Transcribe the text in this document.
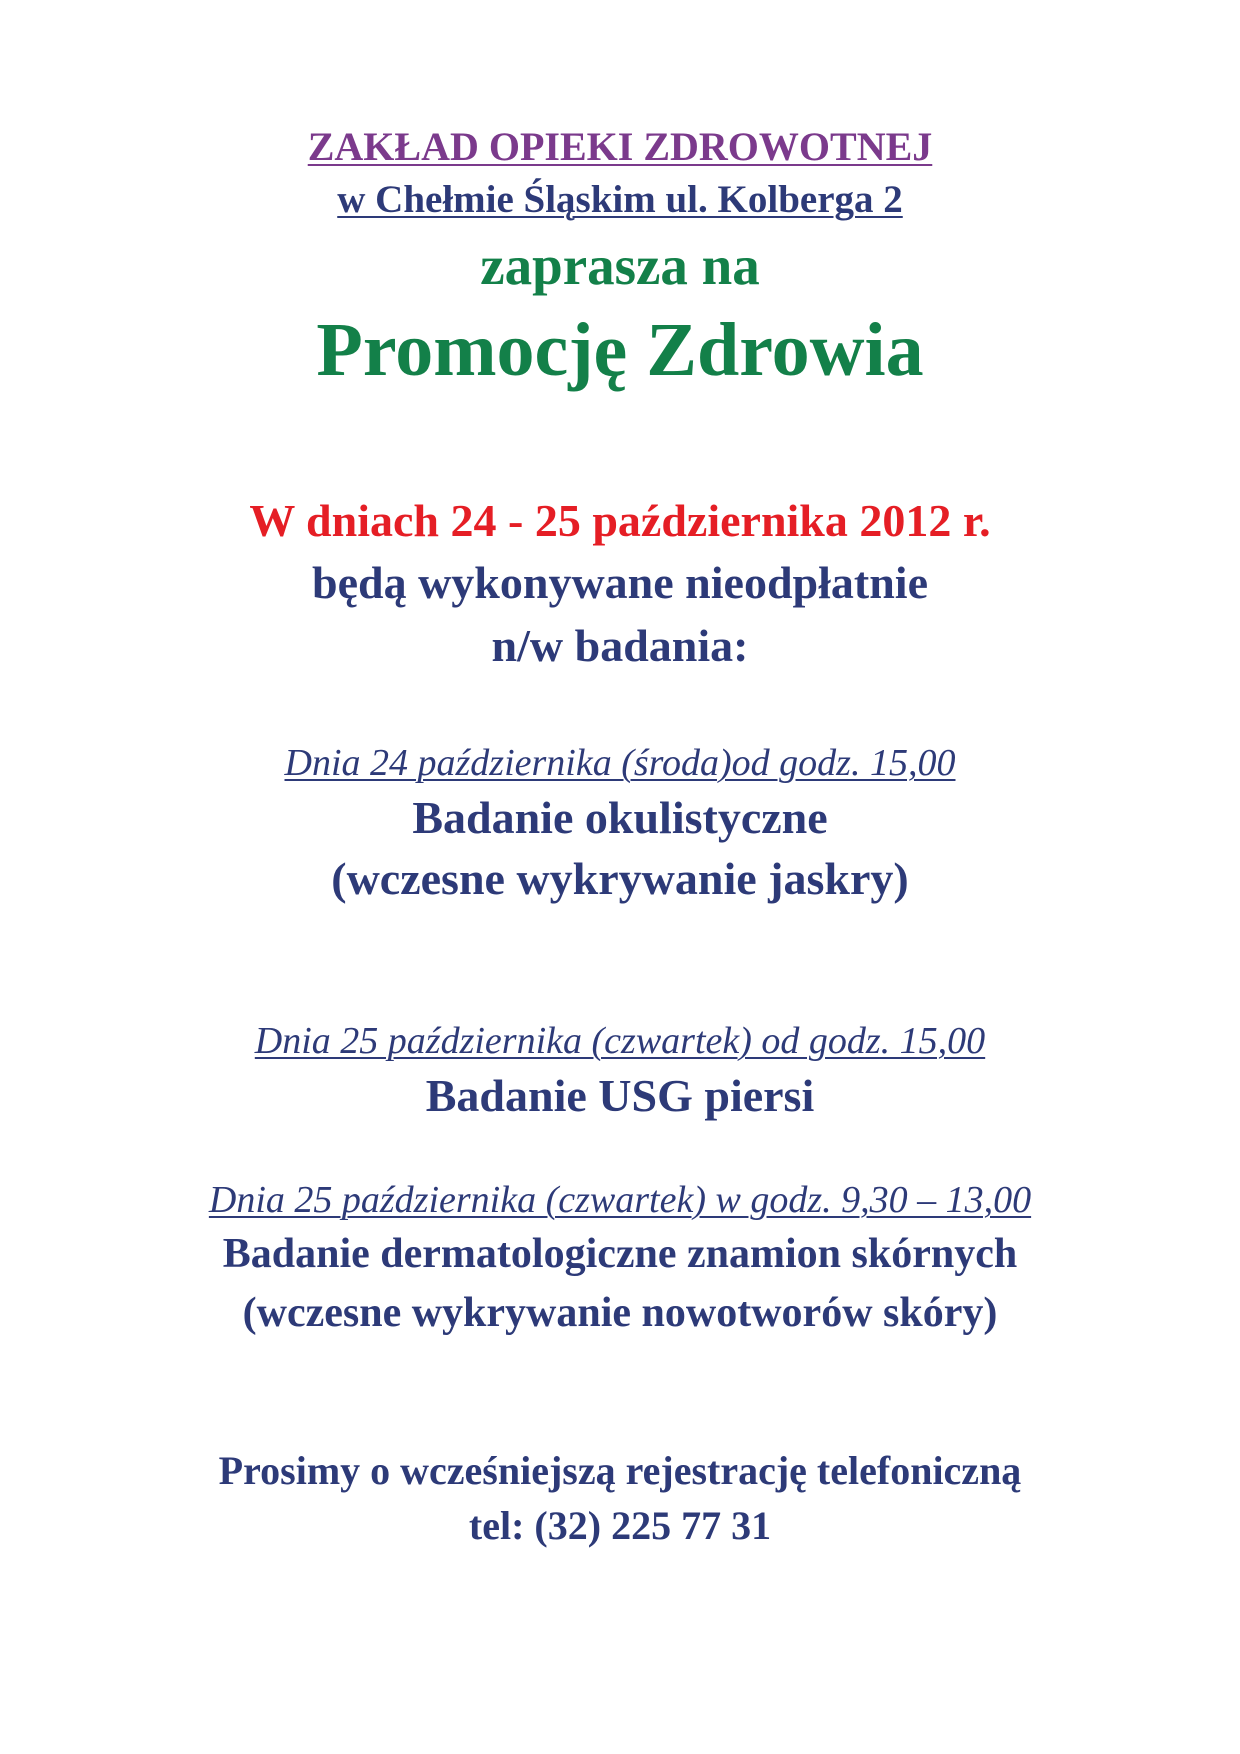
ZAKŁAD OPIEKI ZDROWOTNEJ
w Chełmie Śląskim ul. Kolberga 2
zaprasza na
Promocję Zdrowia
W dniach 24 - 25 października 2012 r.
będą wykonywane nieodpłatnie
n/w badania:
Dnia 24 października (środa)od godz. 15,00
Badanie okulistyczne
(wczesne wykrywanie jaskry)
Dnia 25 października (czwartek) od godz. 15,00
Badanie USG piersi
Dnia 25 października (czwartek) w godz. 9,30 – 13,00
Badanie dermatologiczne znamion skórnych
(wczesne wykrywanie nowotworów skóry)
Prosimy o wcześniejszą rejestrację telefoniczną
tel: (32) 225 77 31
